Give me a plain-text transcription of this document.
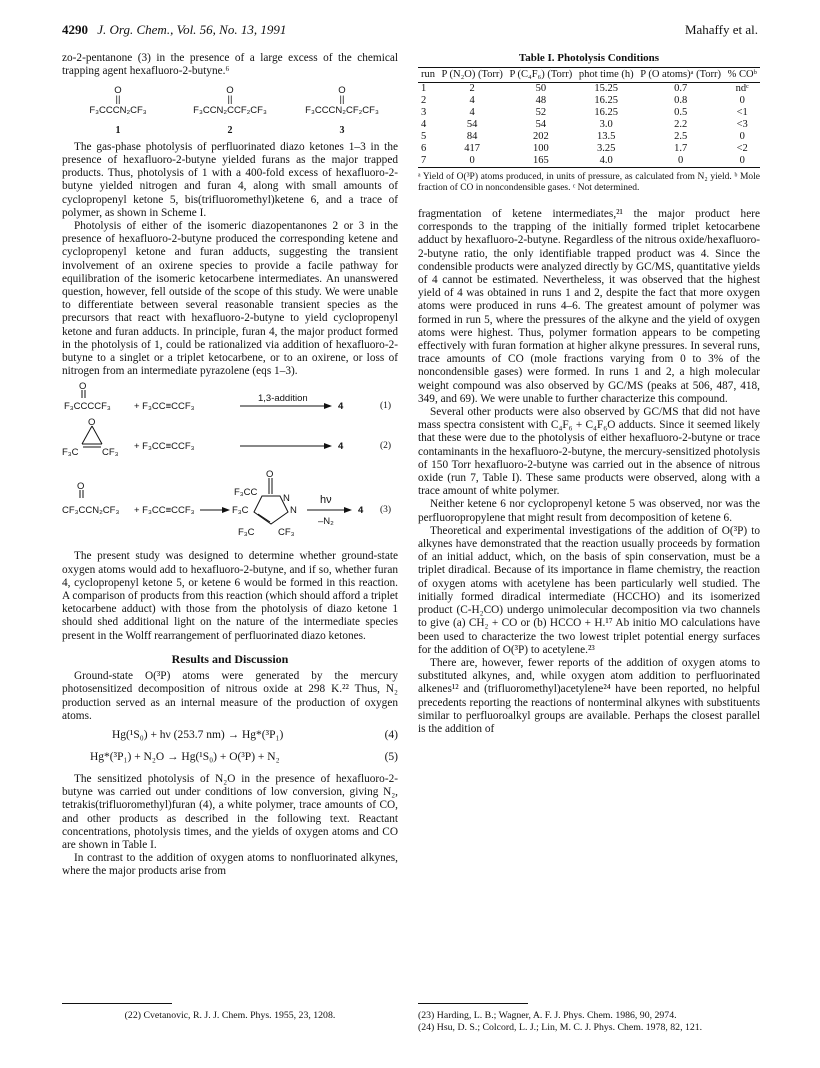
4290 J. Org. Chem., Vol. 56, No. 13, 1991	Mahaffy et al.

zo-2-pentanone (3) in the presence of a large excess of the chemical trapping agent hexafluoro-2-butyne.⁶

O
||
F₃CCCN₂CF₃
1
O
||
F₃CCN₂CCF₂CF₃
2
O
||
F₃CCCN₂CF₂CF₃
3

The gas-phase photolysis of perfluorinated diazo ketones 1–3 in the presence of hexafluoro-2-butyne yielded furans as the major trapped products. Thus, photolysis of 1 with a 400-fold excess of hexafluoro-2-butyne yielded nitrogen and furan 4, along with small amounts of cyclopropenyl ketone 5, bis(trifluoromethyl)ketene 6, and a trace of polymer, as shown in Scheme I.

Photolysis of either of the isomeric diazopentanones 2 or 3 in the presence of hexafluoro-2-butyne produced the corresponding ketene and cyclopropenyl ketone and furan adducts, suggesting the transient involvement of an oxirene species to provide a facile pathway for equilibration of the isomeric ketocarbene intermediates. An unanswered question, however, fell outside of the scope of this study. We were unable to differentiate between several reasonable transient species as the precursors that react with hexafluoro-2-butyne to yield cyclopropenyl ketone and furan adducts. In principle, furan 4, the major product formed in the photolysis of 1, could be rationalized via addition of hexafluoro-2-butyne to a singlet or a triplet ketocarbene, or to an oxirene, or loss of nitrogen from an intermediate pyrazolene (eqs 1–3).

O
F₃CCCCF₃ + F₃CC≡CCF₃
1,3-addition
4	(1)
O
F₃C CF₃
+ F₃CC≡CCF₃	4	(2)
O
CF₃CCN₂CF₃ + F₃CC≡CCF₃
O
F₃CC
N
N
F₃C
F₃C CF₃
hν
–N₂
4 (3)

The present study was designed to determine whether ground-state oxygen atoms would add to hexafluoro-2-butyne, and if so, whether furan 4, cyclopropenyl ketone 5, or ketene 6 would be formed in this reaction. A comparison of products from this reaction (which should afford a triplet ketocarbene adduct) with those from the photolysis of diazo ketone 1 should shed additional light on the nature of the intermediate species present in the Wolff rearrangement of perfluorinated diazo ketones.

Results and Discussion

Ground-state O(³P) atoms were generated by the mercury photosensitized decomposition of nitrous oxide at 298 K.²² Thus, N₂ production served as an internal measure of the production of oxygen atoms.

Hg(¹S₀) + hν (253.7 nm) → Hg*(³P₁)	(4)
Hg*(³P₁) + N₂O → Hg(¹S₀) + O(³P) + N₂	(5)

The sensitized photolysis of N₂O in the presence of hexafluoro-2-butyne was carried out under conditions of low conversion, giving N₂, tetrakis(trifluoromethyl)furan (4), a white polymer, trace amounts of CO, and other products as described in the following text. Reactant concentrations, photolysis times, and the yields of oxygen atoms and CO are shown in Table I.

In contrast to the addition of oxygen atoms to nonfluorinated alkynes, where the major products arise from

Table I. Photolysis Conditions
run	P (N₂O) (Torr)	P (C₄F₆) (Torr)	phot time (h)	P (O atoms)ᵃ (Torr)	% COᵇ
1	2	50	15.25	0.7	ndᶜ
2	4	48	16.25	0.8	0
3	4	52	16.25	0.5	<1
4	54	54	3.0	2.2	<3
5	84	202	13.5	2.5	0
6	417	100	3.25	1.7	<2
7	0	165	4.0	0	0

ᵃ Yield of O(³P) atoms produced, in units of pressure, as calculated from N₂ yield. ᵇ Mole fraction of CO in noncondensible gases. ᶜ Not determined.

fragmentation of ketene intermediates,²¹ the major product here corresponds to the trapping of the initially formed triplet ketocarbene adduct by hexafluoro-2-butyne. Regardless of the nitrous oxide/hexafluoro-2-butyne ratio, the only identifiable trapped product was 4. Since the condensible products were analyzed directly by GC/MS, quantitative yields of 4 cannot be estimated. Nevertheless, it was observed that the highest yield of 4 was obtained in runs 1 and 2, despite the fact that more oxygen atoms were produced in runs 4–6. The greatest amount of polymer was formed in run 5, where the pressures of the alkyne and the yield of oxygen atoms were highest. Thus, polymer formation appears to be competing effectively with furan formation at higher alkyne pressures. In several runs, trace amounts of CO (mole fractions varying from 0 to 3% of the noncondensible gases) were formed. In runs 1 and 2, a high molecular weight compound was also observed by GC/MS (peaks at 506, 487, 418, 349, and 69). We were unable to further characterize this compound.

Several other products were also observed by GC/MS that did not have mass spectra consistent with C₄F₆ + C₄F₆O adducts. Since it seemed likely that these were due to the photolysis of either hexafluoro-2-butyne or trace contaminants in the hexafluoro-2-butyne, the mercury-sensitized photolysis of 150 Torr hexafluoro-2-butyne was carried out in the absence of nitrous oxide (run 7, Table I). These same products were observed, along with a trace amount of white polymer.

Neither ketene 6 nor cyclopropenyl ketone 5 was observed, nor was the perfluoropropylene that might result from decomposition of ketene 6.

Theoretical and experimental investigations of the addition of O(³P) to alkynes have demonstrated that the reaction usually proceeds by formation of an initial adduct, which, on the basis of spin conservation, must be a triplet diradical. Because of its importance in flame chemistry, the reaction of oxygen atoms with acetylene has been particularly well studied. The initially formed diradical intermediate (HCCHO) and its isomerized product (C-H₂CO) undergo unimolecular decomposition via two channels to give (a) CH₂ + CO or (b) HCCO + H.¹⁷ Ab initio MO calculations have been used to characterize the two lowest triplet potential energy surfaces for the addition of O(³P) to acetylene.²³

There are, however, fewer reports of the addition of oxygen atoms to substituted alkynes, and, while oxygen atom addition to perfluorinated alkenes¹² and (trifluoromethyl)acetylene²⁴ have been reported, no helpful precedents reporting the reactions of nonterminal alkynes with substituents similar to perfluoroalkyl groups are available. Perhaps the closest parallel is the addition of

(22) Cvetanovic, R. J. J. Chem. Phys. 1955, 23, 1208.	(23) Harding, L. B.; Wagner, A. F. J. Phys. Chem. 1986, 90, 2974.
(24) Hsu, D. S.; Colcord, L. J.; Lin, M. C. J. Phys. Chem. 1978, 82, 121.
